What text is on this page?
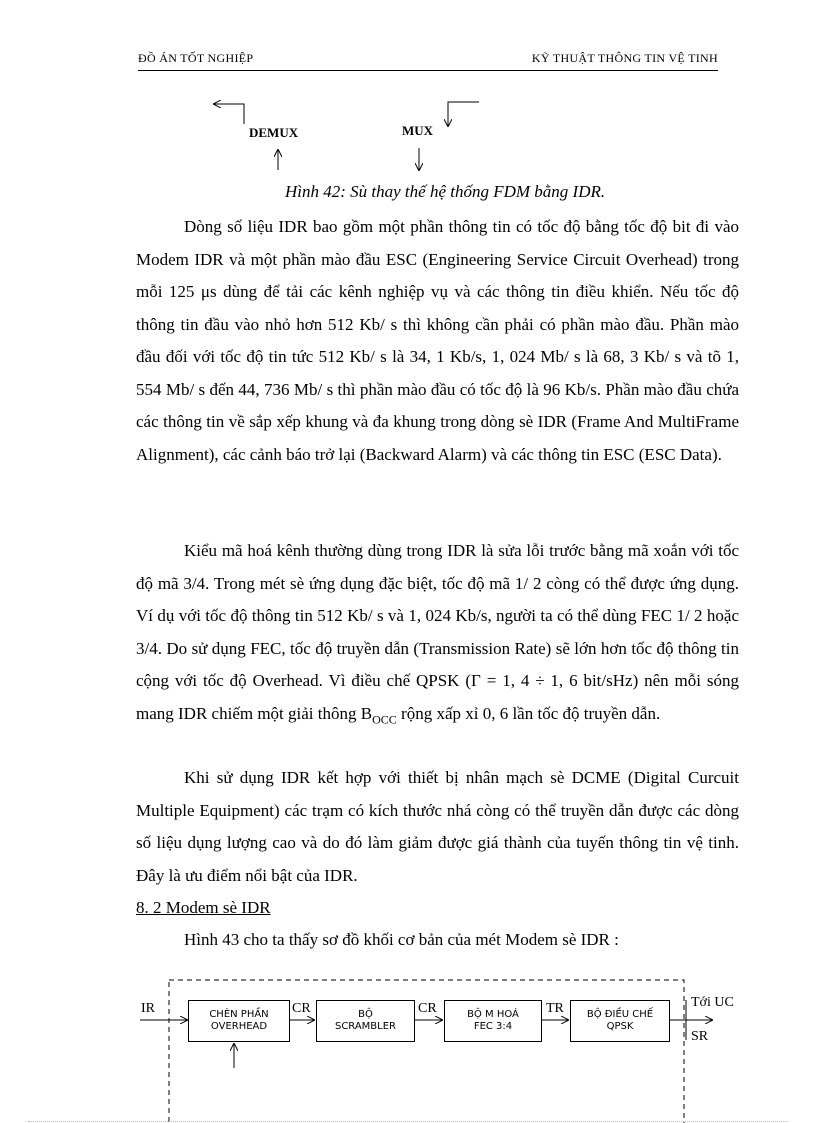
ĐỒ ÁN TỐT NGHIỆP	KỸ THUẬT THÔNG TIN VỆ TINH
DEMUX	MUX
Hình 42: Sù thay thế hệ thống FDM bằng IDR.
Dòng số liệu IDR bao gồm một phần thông tin có tốc độ bằng tốc độ bit đi vào Modem IDR và một phần mào đầu ESC (Engineering Service Circuit Overhead) trong mỗi 125 μs dùng để tải các kênh nghiệp vụ và các thông tin điều khiển. Nếu tốc độ thông tin đầu vào nhỏ hơn 512 Kb/ s thì không cần phải có phần mào đầu. Phần mào đầu đối với tốc độ tin tức 512 Kb/ s là 34, 1 Kb/s, 1, 024 Mb/ s là 68, 3 Kb/ s và tõ 1, 554 Mb/ s đến 44, 736 Mb/ s thì phần mào đầu có tốc độ là 96 Kb/s. Phần mào đầu chứa các thông tin về sắp xếp khung và đa khung trong dòng sè IDR (Frame And MultiFrame Alignment), các cảnh báo trở lại (Backward Alarm) và các thông tin ESC (ESC Data).
Kiểu mã hoá kênh thường dùng trong IDR là sửa lỗi trước bằng mã xoắn với tốc độ mã 3/4. Trong mét sè ứng dụng đặc biệt, tốc độ mã 1/ 2 còng có thể được ứng dụng. Ví dụ với tốc độ thông tin 512 Kb/ s và 1, 024 Kb/s, người ta có thể dùng FEC 1/ 2 hoặc 3/4. Do sử dụng FEC, tốc độ truyền dẫn (Transmission Rate) sẽ lớn hơn tốc độ thông tin cộng với tốc độ Overhead. Vì điều chế QPSK (Γ = 1, 4 ÷ 1, 6 bit/sHz) nên mỗi sóng mang IDR chiếm một giải thông $B_{OCC}$ rộng xấp xỉ 0, 6 lần tốc độ truyền dẫn.
Khi sử dụng IDR kết hợp với thiết bị nhân mạch sè DCME (Digital Curcuit Multiple Equipment) các trạm có kích thước nhá còng có thể truyền dẫn được các dòng số liệu dụng lượng cao và do đó làm giảm được giá thành của tuyến thông tin vệ tinh. Đây là ưu điểm nổi bật của IDR.
8. 2 Modem sè IDR
Hình 43 cho ta thấy sơ đồ khối cơ bản của mét Modem sè IDR :
CHÈN PHẦN
OVERHEAD
BỘ
SCRAMBLER
BỘ M HOÁ
FEC 3:4
BỘ ĐIỀU CHẾ
QPSK
IR	CR	CR	TR	Tới UC
SR
